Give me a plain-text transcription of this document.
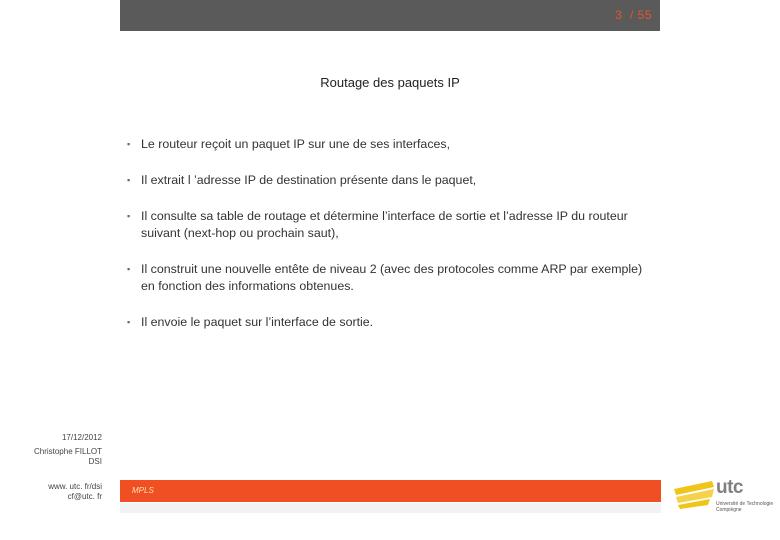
3  / 55
Routage des paquets IP
▪ Le routeur reçoit un paquet IP sur une de ses interfaces,
▪ Il extrait l ’adresse IP de destination présente dans le paquet,
▪ Il consulte sa table de routage et détermine l’interface de sortie et l’adresse IP du routeur suivant (next-hop ou prochain saut),
▪ Il construit une nouvelle entête de niveau 2 (avec des protocoles comme ARP par exemple) en fonction des informations obtenues.
▪ Il envoie le paquet sur l’interface de sortie.
17/12/2012
Christophe FILLOT
DSI
www. utc. fr/dsi
cf@utc. fr
MPLS	utc
Université de Technologie
Compiègne
